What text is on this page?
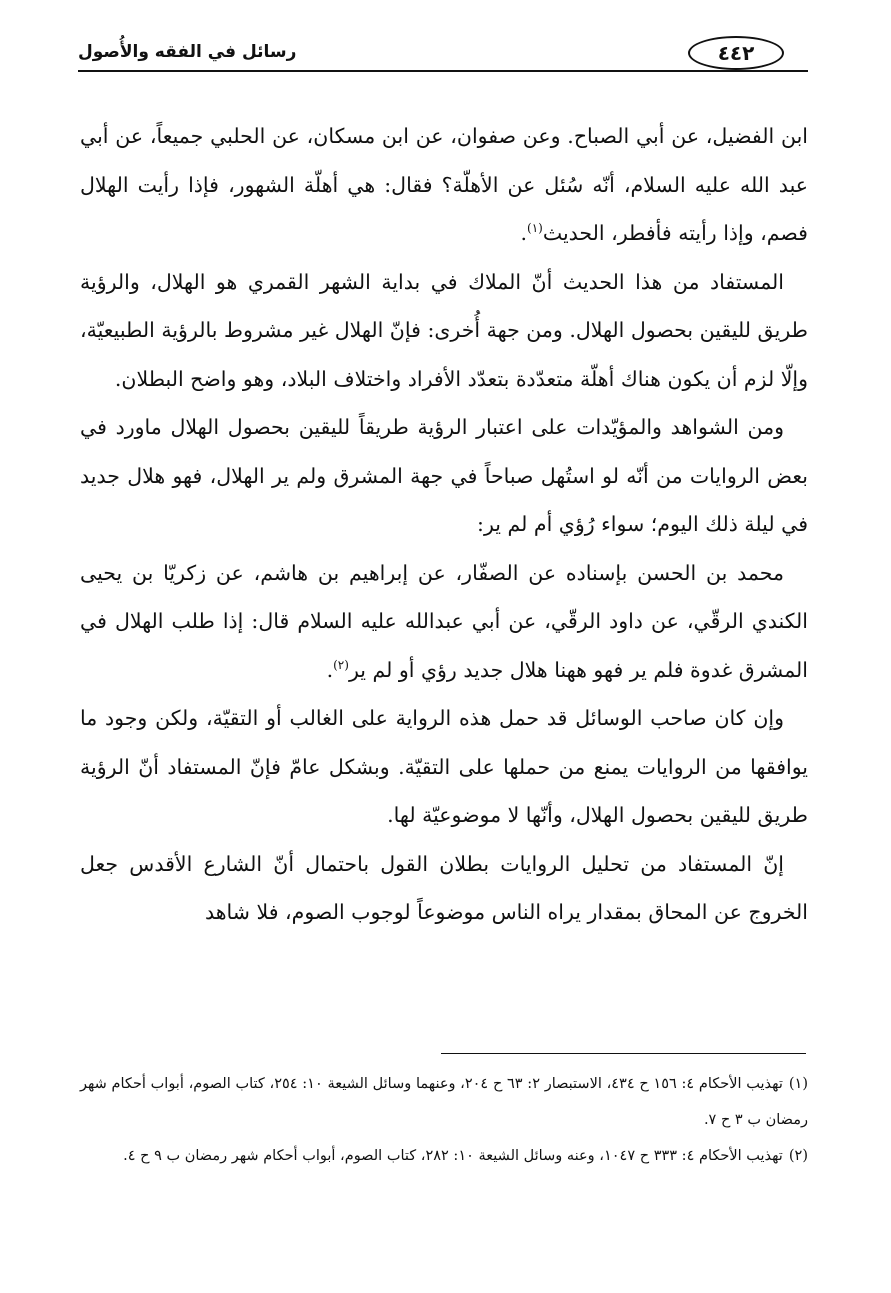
رسائل في الفقه والأُصول	٤٤٢

ابن الفضيل، عن أبي الصباح. وعن صفوان، عن ابن مسكان، عن الحلبي جميعاً، عن أبي عبد الله عليه السلام، أنّه سُئل عن الأهلّة؟ فقال: هي أهلّة الشهور، فإذا رأيت الهلال فصم، وإذا رأيته فأفطر، الحديث$^{(١)}$.

المستفاد من هذا الحديث أنّ الملاك في بداية الشهر القمري هو الهلال، والرؤية طريق لليقين بحصول الهلال. ومن جهة أُخرى: فإنّ الهلال غير مشروط بالرؤية الطبيعيّة، وإلّا لزم أن يكون هناك أهلّة متعدّدة بتعدّد الأفراد واختلاف البلاد، وهو واضح البطلان.

ومن الشواهد والمؤيّدات على اعتبار الرؤية طريقاً لليقين بحصول الهلال ماورد في بعض الروايات من أنّه لو استُهل صباحاً في جهة المشرق ولم ير الهلال، فهو هلال جديد في ليلة ذلك اليوم؛ سواء رُؤي أم لم ير:

محمد بن الحسن بإسناده عن الصفّار، عن إبراهيم بن هاشم، عن زكريّا بن يحيى الكندي الرقّي، عن داود الرقّي، عن أبي عبدالله عليه السلام قال: إذا طلب الهلال في المشرق غدوة فلم ير فهو ههنا هلال جديد رؤي أو لم ير$^{(٢)}$.

وإن كان صاحب الوسائل قد حمل هذه الرواية على الغالب أو التقيّة، ولكن وجود ما يوافقها من الروايات يمنع من حملها على التقيّة. وبشكل عامّ فإنّ المستفاد أنّ الرؤية طريق لليقين بحصول الهلال، وأنّها لا موضوعيّة لها.

إنّ المستفاد من تحليل الروايات بطلان القول باحتمال أنّ الشارع الأقدس جعل الخروج عن المحاق بمقدار يراه الناس موضوعاً لوجوب الصوم، فلا شاهد

(١)تهذيب الأحكام ٤: ١٥٦ ح ٤٣٤، الاستبصار ٢: ٦٣ ح ٢٠٤، وعنهما وسائل الشيعة ١٠: ٢٥٤، كتاب الصوم، أبواب أحكام شهر رمضان ب ٣ ح ٧.

(٢)تهذيب الأحكام ٤: ٣٣٣ ح ١٠٤٧، وعنه وسائل الشيعة ١٠: ٢٨٢، كتاب الصوم، أبواب أحكام شهر رمضان ب ٩ ح ٤.
